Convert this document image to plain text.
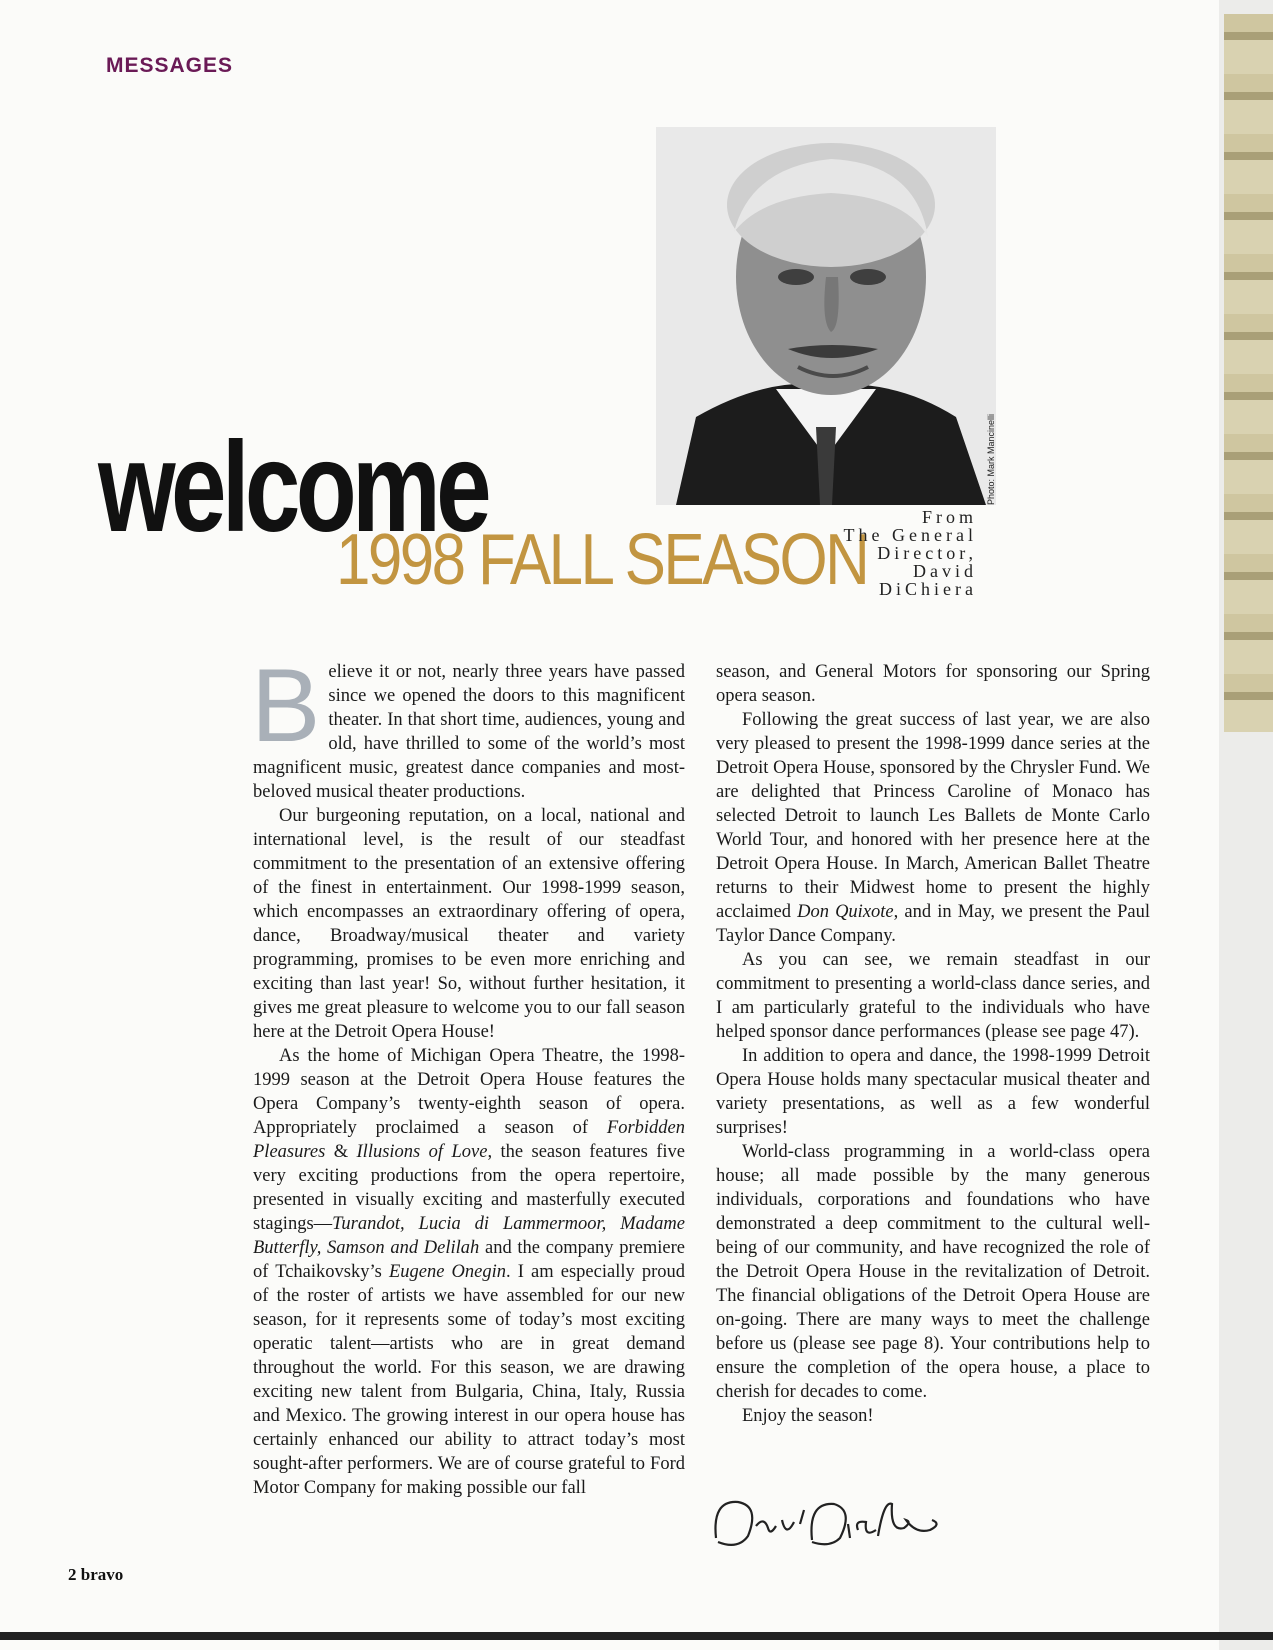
MESSAGES
Photo: Mark Mancinelli
welcome
1998 FALL SEASON
From
The General
Director,
David
DiChiera

Believe it or not, nearly three years have passed since we opened the doors to this magnificent theater. In that short time, audiences, young and old, have thrilled to some of the world’s most magnificent music, greatest dance companies and most-beloved musical theater productions.

Our burgeoning reputation, on a local, national and international level, is the result of our steadfast commitment to the presentation of an extensive offering of the finest in entertainment. Our 1998-1999 season, which encompasses an extraordinary offering of opera, dance, Broadway/musical theater and variety programming, promises to be even more enriching and exciting than last year! So, without further hesitation, it gives me great pleasure to welcome you to our fall season here at the Detroit Opera House!

As the home of Michigan Opera Theatre, the 1998-1999 season at the Detroit Opera House features the Opera Company’s twenty-eighth season of opera. Appropriately proclaimed a season of Forbidden Pleasures & Illusions of Love, the season features five very exciting productions from the opera repertoire, presented in visually exciting and masterfully executed stagings—Turandot, Lucia di Lammermoor, Madame Butterfly, Samson and Delilah and the company premiere of Tchaikovsky’s Eugene Onegin. I am especially proud of the roster of artists we have assembled for our new season, for it represents some of today’s most exciting operatic talent—artists who are in great demand throughout the world. For this season, we are drawing exciting new talent from Bulgaria, China, Italy, Russia and Mexico. The growing interest in our opera house has certainly enhanced our ability to attract today’s most sought-after performers. We are of course grateful to Ford Motor Company for making possible our fall

season, and General Motors for sponsoring our Spring opera season.

Following the great success of last year, we are also very pleased to present the 1998-1999 dance series at the Detroit Opera House, sponsored by the Chrysler Fund. We are delighted that Princess Caroline of Monaco has selected Detroit to launch Les Ballets de Monte Carlo World Tour, and honored with her presence here at the Detroit Opera House. In March, American Ballet Theatre returns to their Midwest home to present the highly acclaimed Don Quixote, and in May, we present the Paul Taylor Dance Company.

As you can see, we remain steadfast in our commitment to presenting a world-class dance series, and I am particularly grateful to the individuals who have helped sponsor dance performances (please see page 47).

In addition to opera and dance, the 1998-1999 Detroit Opera House holds many spectacular musical theater and variety presentations, as well as a few wonderful surprises!

World-class programming in a world-class opera house; all made possible by the many generous individuals, corporations and foundations who have demonstrated a deep commitment to the cultural well-being of our community, and have recognized the role of the Detroit Opera House in the revitalization of Detroit. The financial obligations of the Detroit Opera House are on-going. There are many ways to meet the challenge before us (please see page 8). Your contributions help to ensure the completion of the opera house, a place to cherish for decades to come.

Enjoy the season!

2 bravo
